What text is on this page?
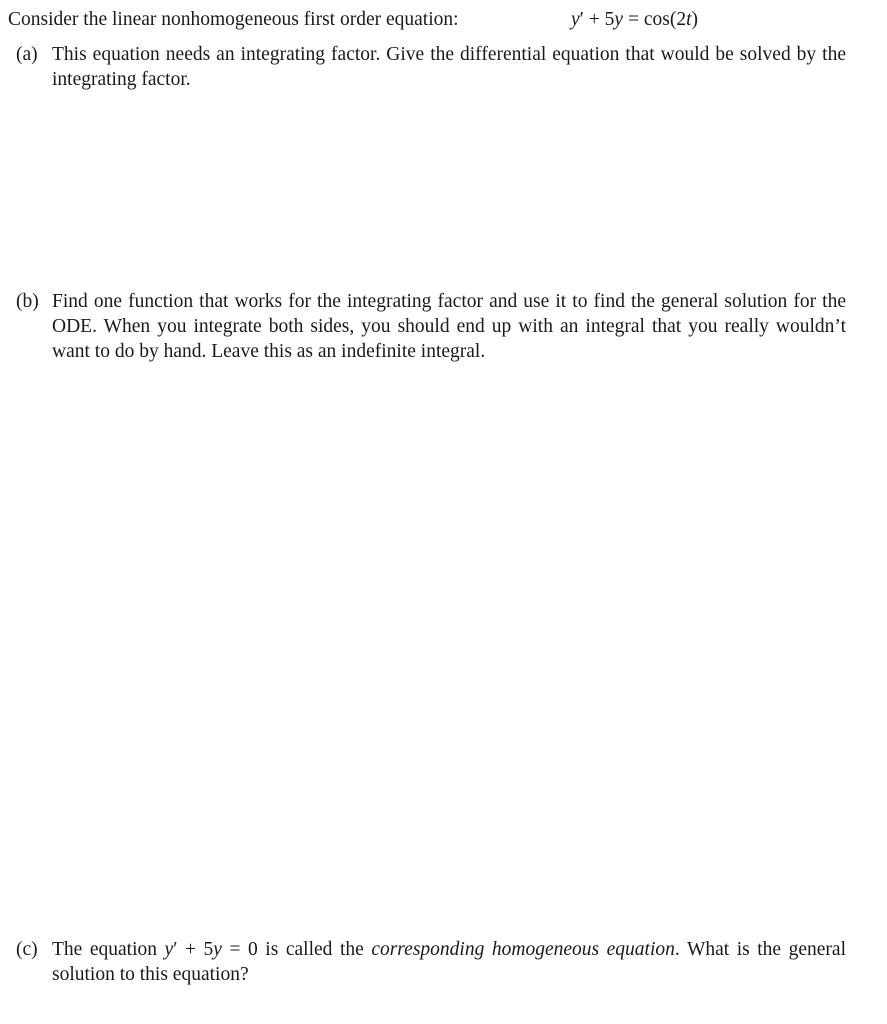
Consider the linear nonhomogeneous first order equation:	y′ + 5y = cos(2t)
(a) This equation needs an integrating factor. Give the differential equation that would be solved by the integrating factor.
(b) Find one function that works for the integrating factor and use it to find the general solution for the ODE. When you integrate both sides, you should end up with an integral that you really wouldn’t want to do by hand. Leave this as an indefinite integral.
(c) The equation y′ + 5y = 0 is called the corresponding homogeneous equation. What is the general solution to this equation?
